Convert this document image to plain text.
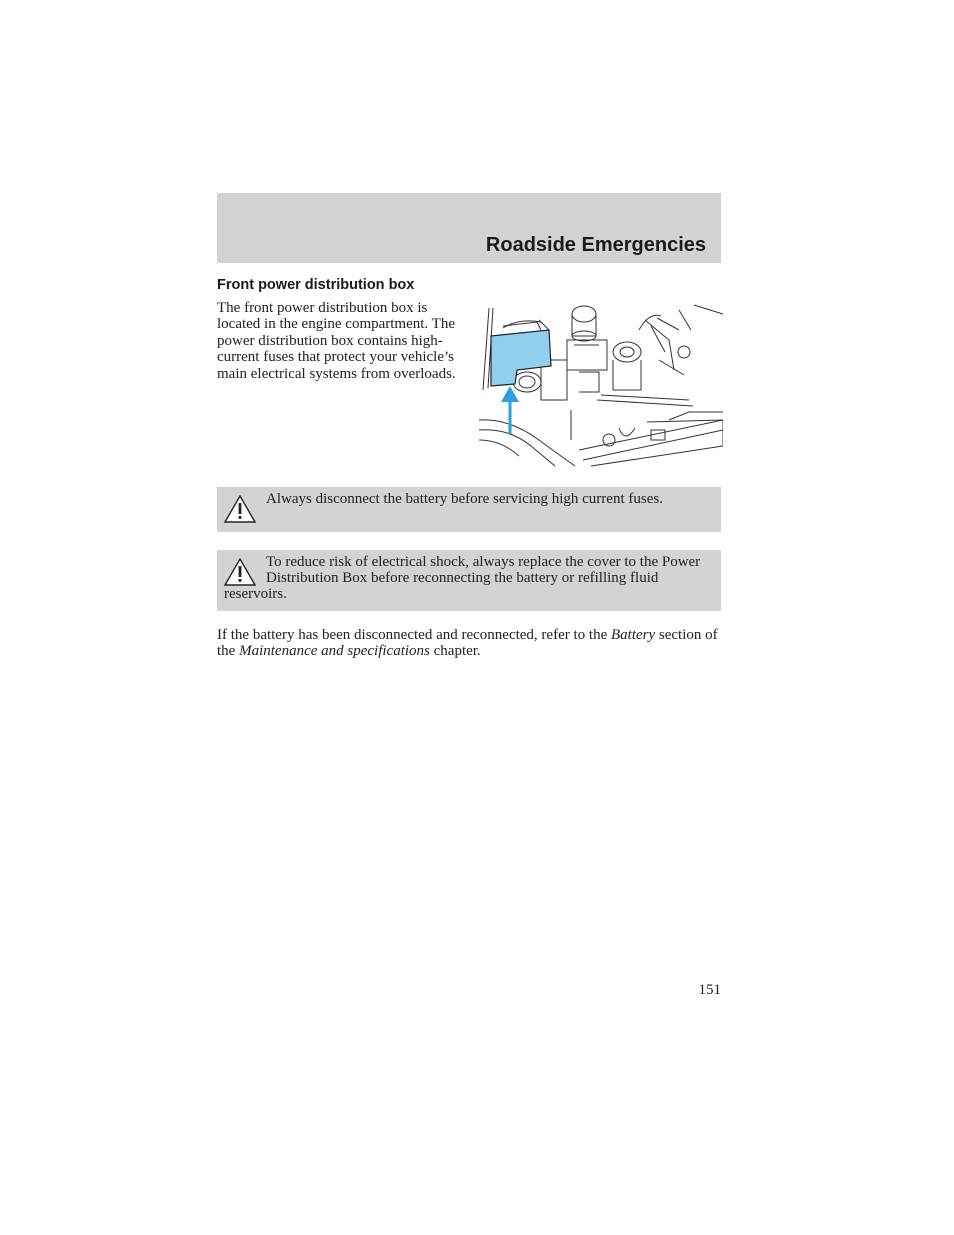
Roadside Emergencies
Front power distribution box
The front power distribution box is located in the engine compartment. The power distribution box contains high-current fuses that protect your vehicle’s main electrical systems from overloads.
Always disconnect the battery before servicing high current fuses.
To reduce risk of electrical shock, always replace the cover to the Power Distribution Box before reconnecting the battery or refilling fluid reservoirs.
If the battery has been disconnected and reconnected, refer to the Battery section of the Maintenance and specifications chapter.
151
